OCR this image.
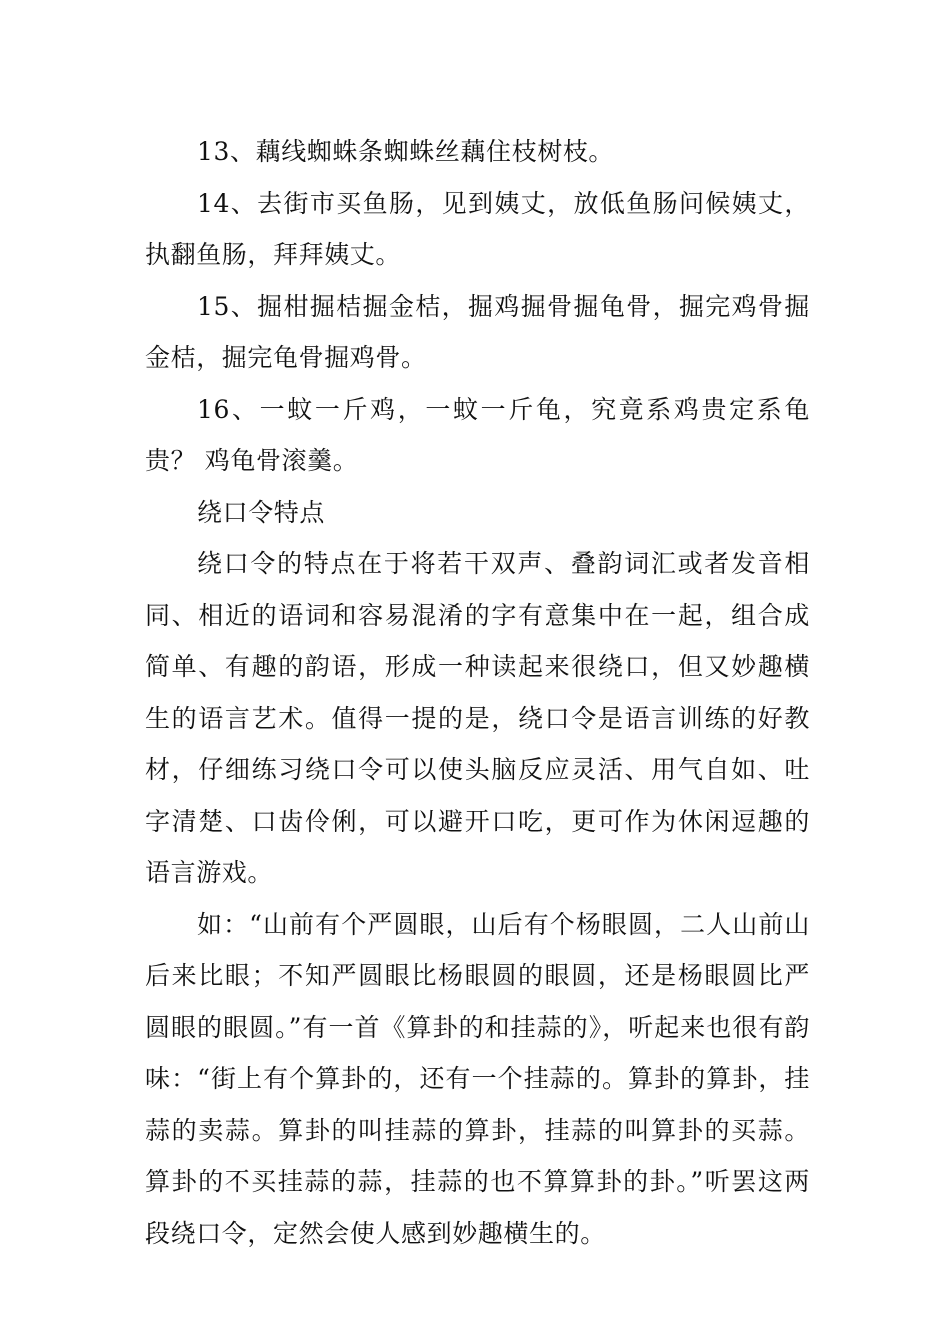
13、藕线蜘蛛条蜘蛛丝藕住枝树枝。

14、去街市买鱼肠，见到姨丈，放低鱼肠问候姨丈，执翻鱼肠，拜拜姨丈。

15、掘柑掘桔掘金桔，掘鸡掘骨掘龟骨，掘完鸡骨掘金桔，掘完龟骨掘鸡骨。

16、一蚊一斤鸡，一蚊一斤龟，究竟系鸡贵定系龟贵？ 鸡龟骨滚羹。

绕口令特点

绕口令的特点在于将若干双声、叠韵词汇或者发音相同、相近的语词和容易混淆的字有意集中在一起，组合成简单、有趣的韵语，形成一种读起来很绕口，但又妙趣横生的语言艺术。值得一提的是，绕口令是语言训练的好教材，仔细练习绕口令可以使头脑反应灵活、用气自如、吐字清楚、口齿伶俐，可以避开口吃，更可作为休闲逗趣的语言游戏。

如：“山前有个严圆眼，山后有个杨眼圆，二人山前山后来比眼；不知严圆眼比杨眼圆的眼圆，还是杨眼圆比严圆眼的眼圆。”有一首《算卦的和挂蒜的》，听起来也很有韵味：“街上有个算卦的，还有一个挂蒜的。算卦的算卦，挂蒜的卖蒜。算卦的叫挂蒜的算卦，挂蒜的叫算卦的买蒜。算卦的不买挂蒜的蒜，挂蒜的也不算算卦的卦。”听罢这两段绕口令，定然会使人感到妙趣横生的。
